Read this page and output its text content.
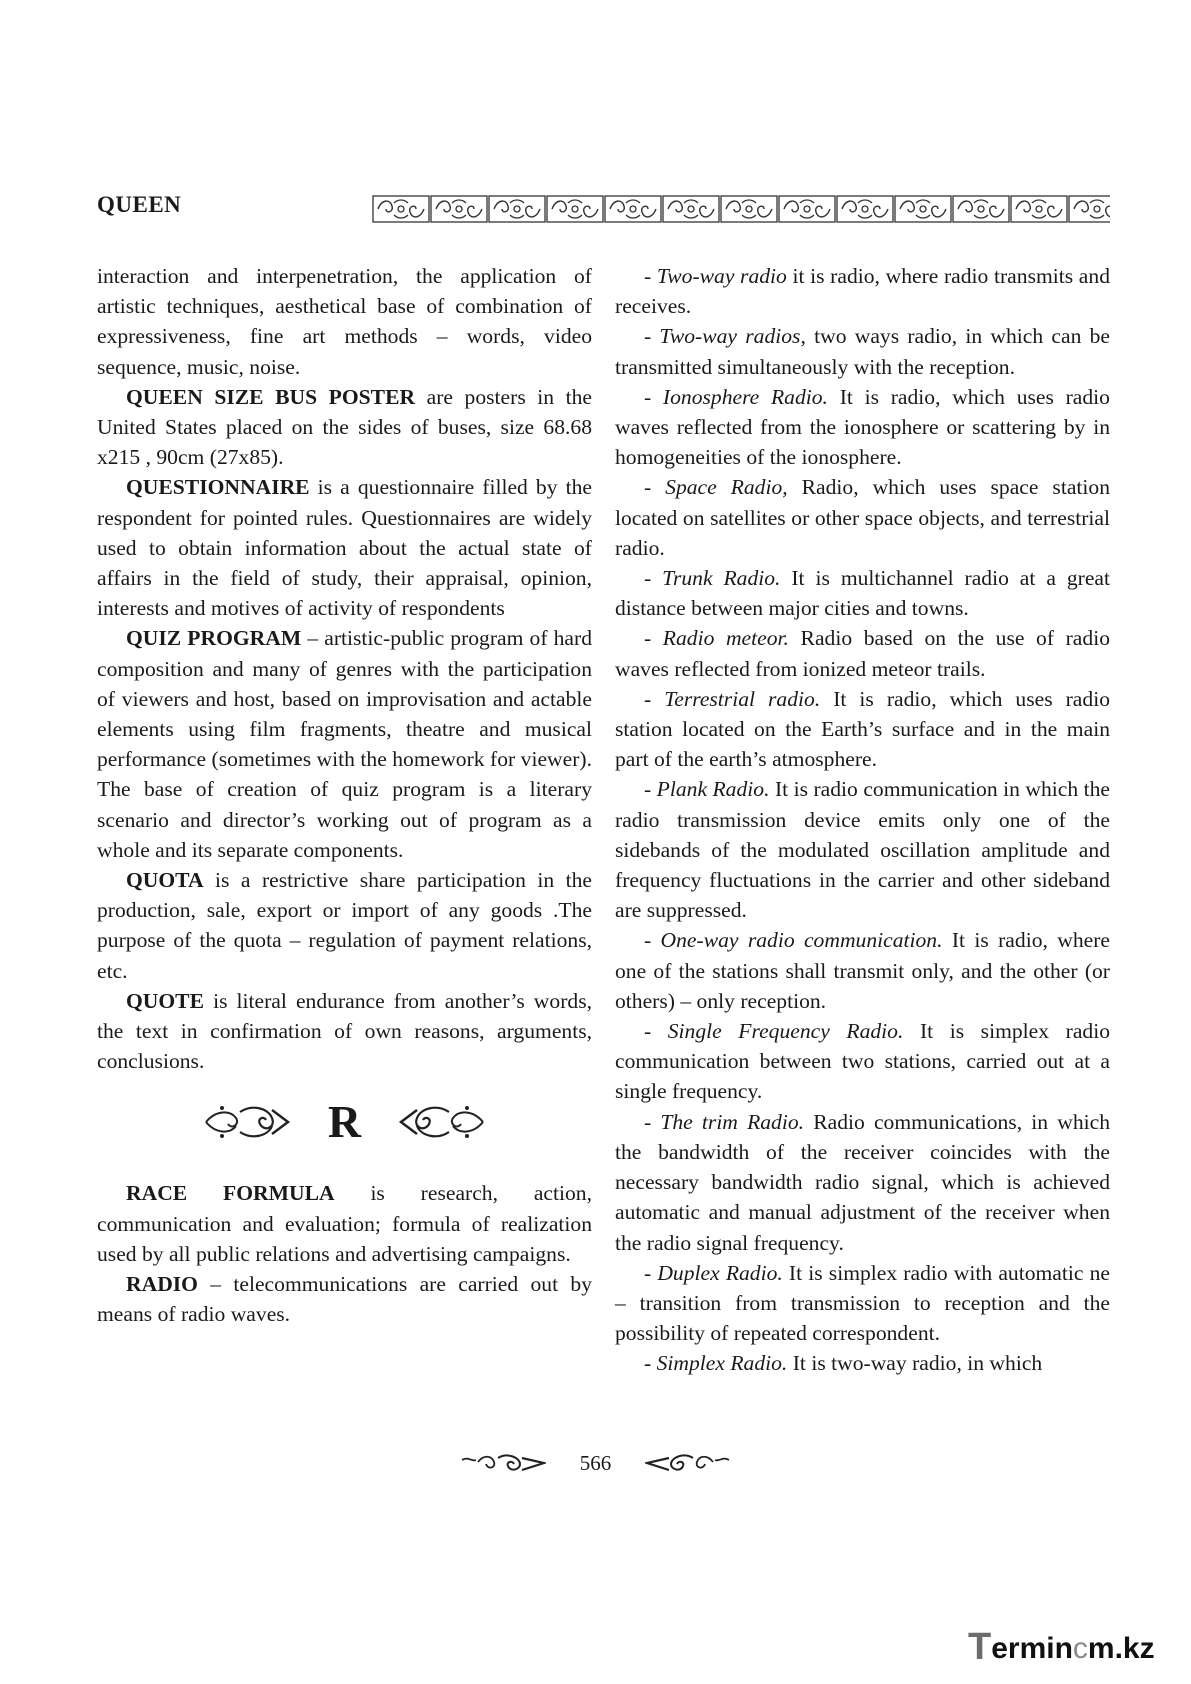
QUEEN

interaction and interpenetration, the application of artistic techniques, aesthetical base of combination of expressiveness, fine art methods – words, video sequence, music, noise.

QUEEN SIZE BUS POSTER are posters in the United States placed on the sides of buses, size 68.68 x215 , 90cm (27x85).

QUESTIONNAIRE is a questionnaire filled by the respondent for pointed rules. Questionnaires are widely used to obtain information about the actual state of affairs in the field of study, their appraisal, opinion, interests and motives of activity of respondents

QUIZ PROGRAM – artistic-public program of hard composition and many of genres with the participation of viewers and host, based on improvisation and actable elements using film fragments, theatre and musical performance (sometimes with the homework for viewer). The base of creation of quiz program is a literary scenario and director’s working out of program as a whole and its separate components.

QUOTA is a restrictive share participation in the production, sale, export or import of any goods .The purpose of the quota – regulation of payment relations, etc.

QUOTE is literal endurance from another’s words, the text in confirmation of own reasons, arguments, conclusions.

R

RACE FORMULA is research, action, communication and evaluation; formula of realization used by all public relations and advertising campaigns.

RADIO – telecommunications are carried out by means of radio waves.

- Two-way radio it is radio, where radio transmits and receives.

- Two-way radios, two ways radio, in which can be transmitted simultaneously with the reception.

- Ionosphere Radio. It is radio, which uses radio waves reflected from the ionosphere or scattering by in homogeneities of the ionosphere.

- Space Radio, Radio, which uses space station located on satellites or other space objects, and terrestrial radio.

- Trunk Radio. It is multichannel radio at a great distance between major cities and towns.

- Radio meteor. Radio based on the use of radio waves reflected from ionized meteor trails.

- Terrestrial radio. It is radio, which uses radio station located on the Earth’s surface and in the main part of the earth’s atmosphere.

- Plank Radio. It is radio communication in which the radio transmission device emits only one of the sidebands of the modulated oscillation amplitude and frequency fluctuations in the carrier and other sideband are suppressed.

- One-way radio communication. It is radio, where one of the stations shall transmit only, and the other (or others) – only reception.

- Single Frequency Radio. It is simplex radio communication between two stations, carried out at a single frequency.

- The trim Radio. Radio communications, in which the bandwidth of the receiver coincides with the necessary bandwidth radio signal, which is achieved automatic and manual adjustment of the receiver when the radio signal frequency.

- Duplex Radio. It is simplex radio with automatic ne – transition from transmission to reception and the possibility of repeated correspondent.

- Simplex Radio. It is two-way radio, in which

566
T ermin c m.kz
